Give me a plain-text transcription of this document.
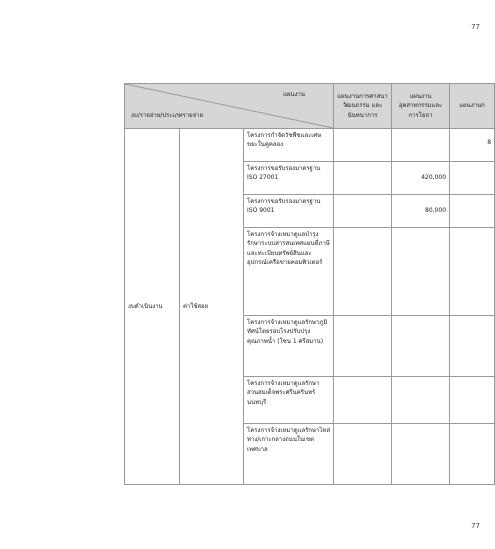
77
แผนงาน
งบ/รายจ่าย/ประเภทรายจ่าย			แผนงานการศาสนา วัฒนธรรม และนันทนาการ	แผนงาน อุตสาหกรรมและการโยธา	แผนงานก
งบดำเนินงาน	ค่าใช้สอย	โครงการกำจัดวัชพืชและเศษขยะในคูคลอง			8
		โครงการขอรับรองมาตรฐาน ISO 27001		420,000	
		โครงการขอรับรองมาตรฐาน ISO 9001		80,000	
		โครงการจ้างเหมาดูแลบำรุงรักษาระบบสารสนเทศแผนที่ภาษีและทะเบียนทรัพย์สินและอุปกรณ์เครือข่ายคอมพิวเตอร์			
		โครงการจ้างเหมาดูแลรักษาภูมิทัศน์โดยรอบโรงปรับปรุงคุณภาพน้ำ (โซน 1 ศรีสมาน)			
		โครงการจ้างเหมาดูแลรักษาสวนสมเด็จพระศรีนครินทร์ นนทบุรี			
		โครงการจ้างเหมาดูแลรักษาไหล่ทาง/เกาะกลางถนนในเขตเทศบาล			
77
